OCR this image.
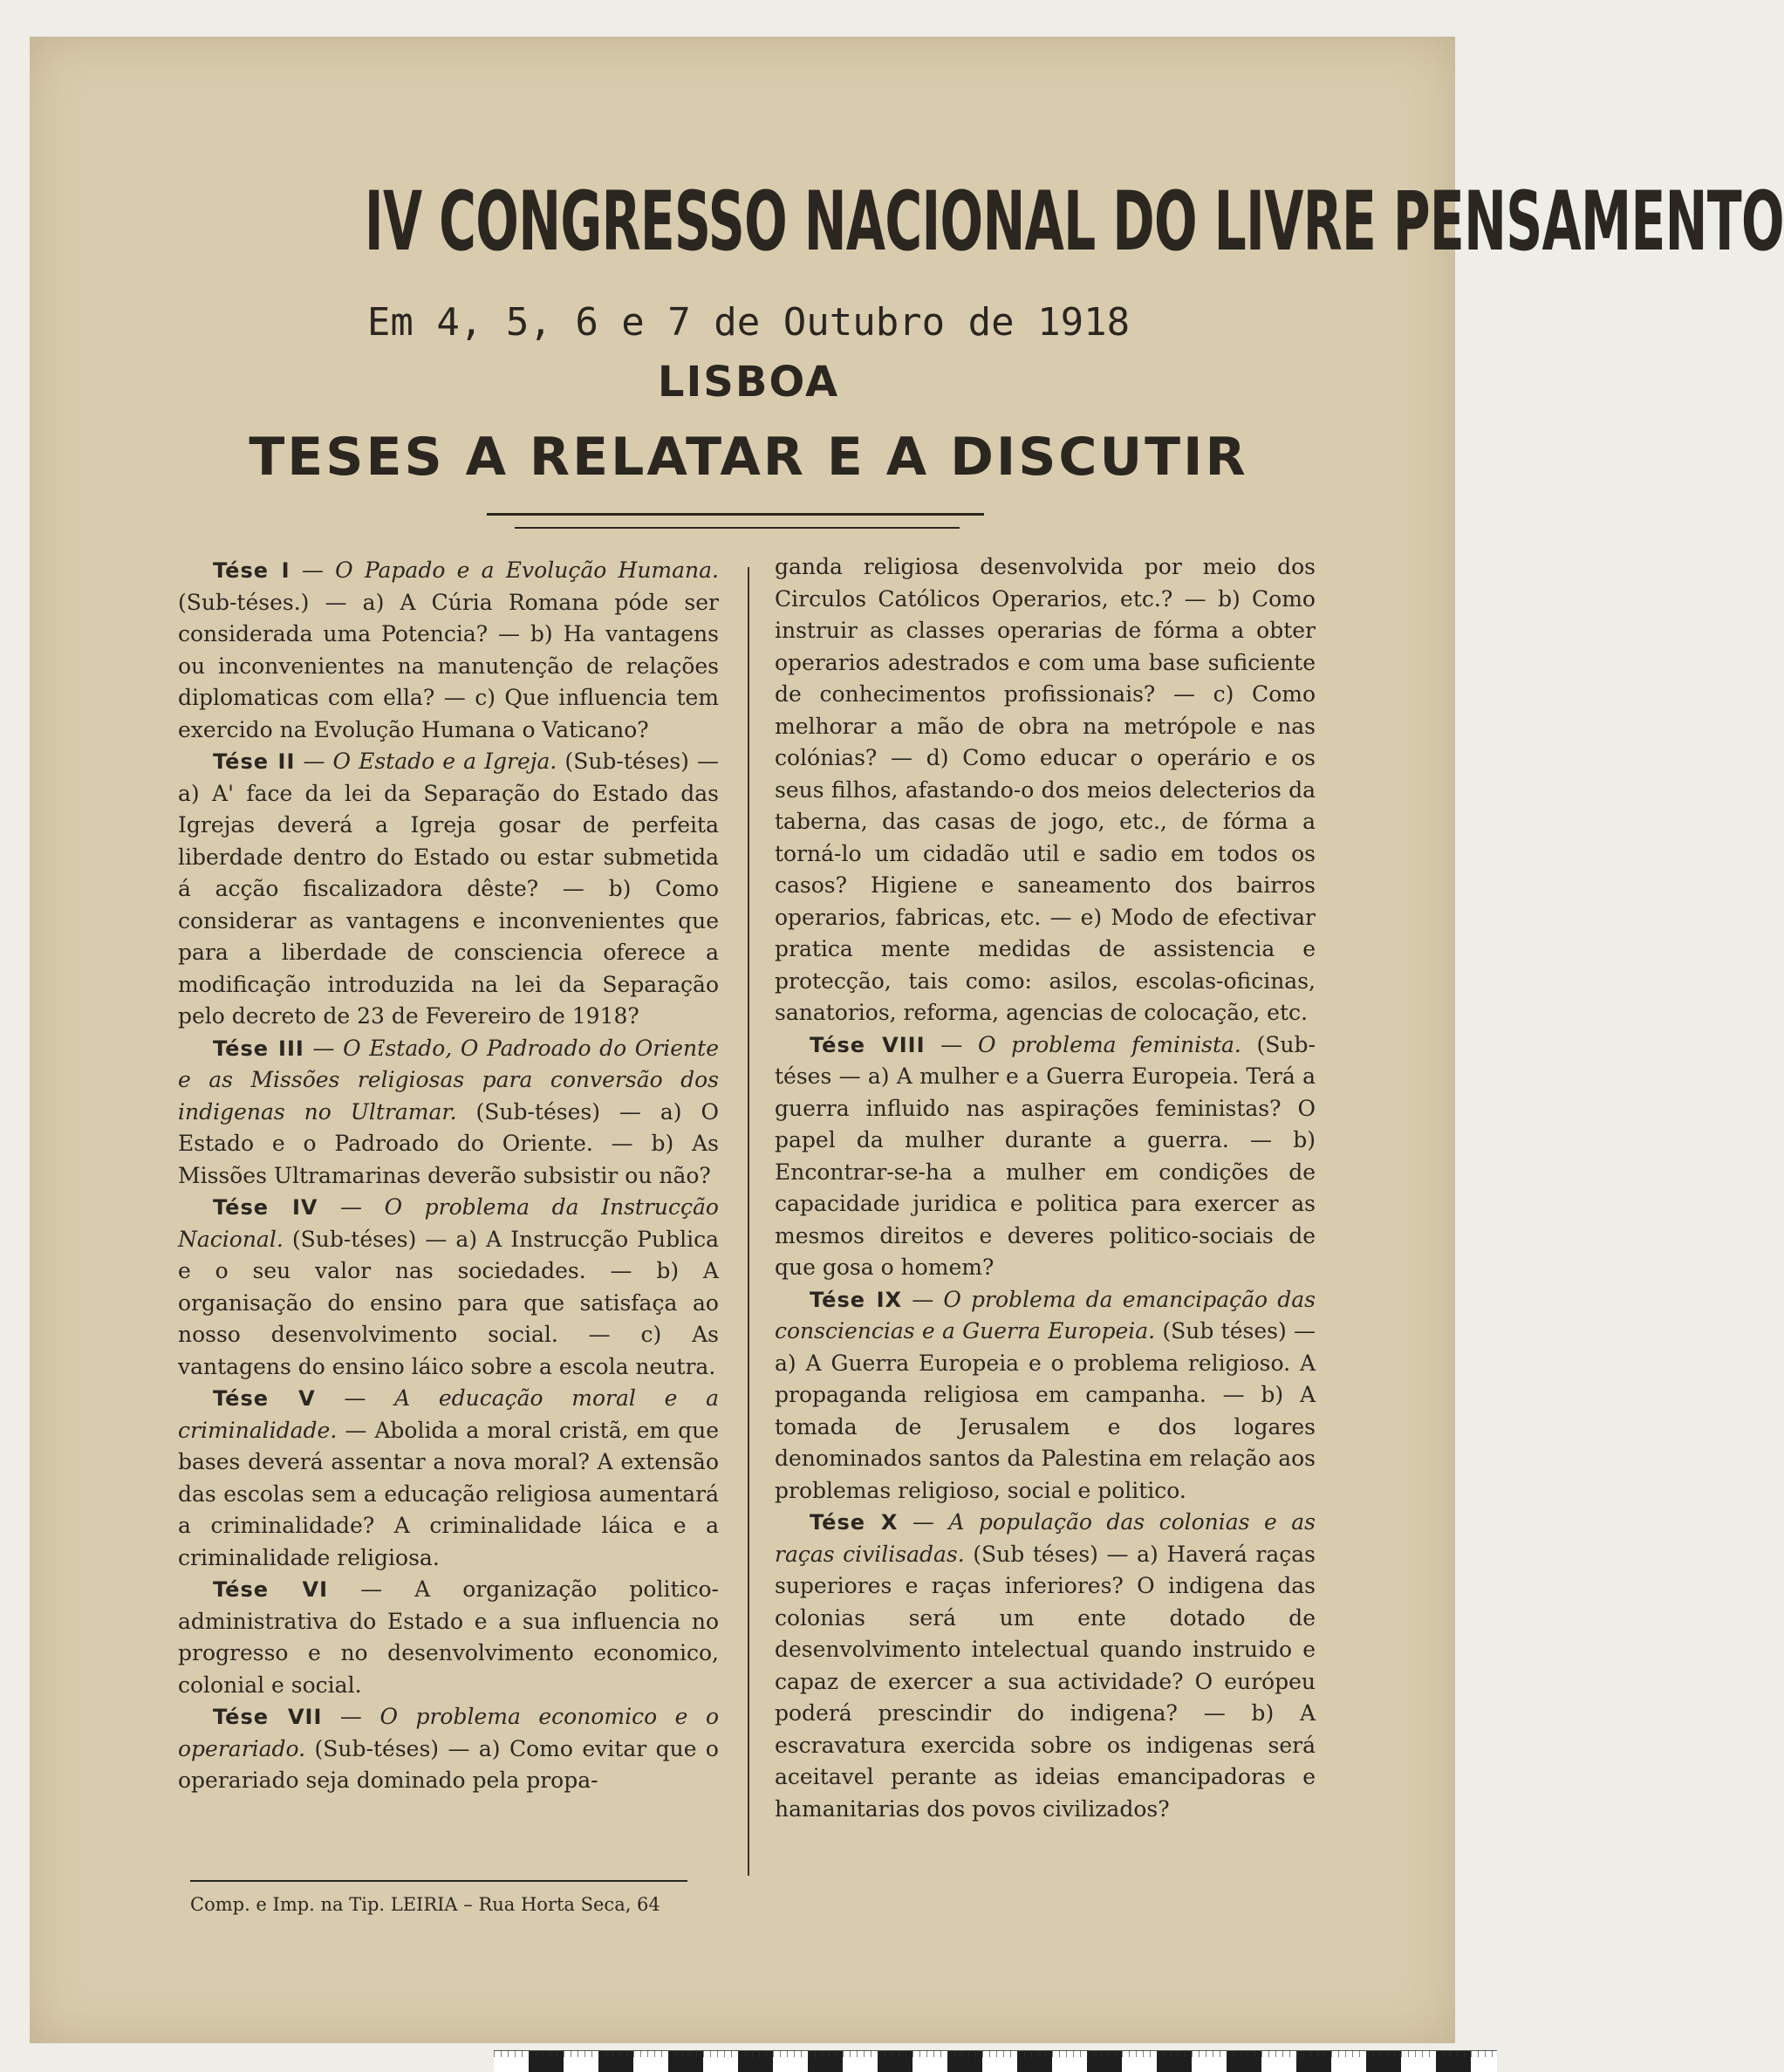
IV CONGRESSO NACIONAL DO LIVRE PENSAMENTO
Em 4, 5, 6 e 7 de Outubro de 1918
LISBOA
TESES A RELATAR E A DISCUTIR

Tése I — O Papado e a Evolução Humana. (Sub-téses.) — a) A Cúria Romana póde ser considerada uma Potencia? — b) Ha vantagens ou inconvenientes na manutenção de relações diplomaticas com ella? — c) Que influencia tem exercido na Evolução Humana o Vaticano?

Tése II — O Estado e a Igreja. (Sub-téses) — a) A' face da lei da Separação do Estado das Igrejas deverá a Igreja gosar de perfeita liberdade dentro do Estado ou estar submetida á acção fiscalizadora dêste? — b) Como considerar as vantagens e inconvenientes que para a liberdade de consciencia oferece a modificação introduzida na lei da Separação pelo decreto de 23 de Fevereiro de 1918?

Tése III — O Estado, O Padroado do Oriente e as Missões religiosas para conversão dos indigenas no Ultramar. (Sub-téses) — a) O Estado e o Padroado do Oriente. — b) As Missões Ultramarinas deverão subsistir ou não?

Tése IV — O problema da Instrucção Nacional. (Sub-téses) — a) A Instrucção Publica e o seu valor nas sociedades. — b) A organisação do ensino para que satisfaça ao nosso desenvolvimento social. — c) As vantagens do ensino láico sobre a escola neutra.

Tése V — A educação moral e a criminalidade. — Abolida a moral cristã, em que bases deverá assentar a nova moral? A extensão das escolas sem a educação religiosa aumentará a criminalidade? A criminalidade láica e a criminalidade religiosa.

Tése VI — A organização politico-administrativa do Estado e a sua influencia no progresso e no desenvolvimento economico, colonial e social.

Tése VII — O problema economico e o operariado. (Sub-téses) — a) Como evitar que o operariado seja dominado pela propa-

ganda religiosa desenvolvida por meio dos Circulos Católicos Operarios, etc.? — b) Como instruir as classes operarias de fórma a obter operarios adestrados e com uma base suficiente de conhecimentos profissionais? — c) Como melhorar a mão de obra na metrópole e nas colónias? — d) Como educar o operário e os seus filhos, afastando-o dos meios delecterios da taberna, das casas de jogo, etc., de fórma a torná-lo um cidadão util e sadio em todos os casos? Higiene e saneamento dos bairros operarios, fabricas, etc. — e) Modo de efectivar pratica mente medidas de assistencia e protecção, tais como: asilos, escolas-oficinas, sanatorios, reforma, agencias de colocação, etc.

Tése VIII — O problema feminista. (Sub-téses — a) A mulher e a Guerra Europeia. Terá a guerra influido nas aspirações feministas? O papel da mulher durante a guerra. — b) Encontrar-se-ha a mulher em condições de capacidade juridica e politica para exercer as mesmos direitos e deveres politico-sociais de que gosa o homem?

Tése IX — O problema da emancipação das consciencias e a Guerra Europeia. (Sub téses) — a) A Guerra Europeia e o problema religioso. A propaganda religiosa em campanha. — b) A tomada de Jerusalem e dos logares denominados santos da Palestina em relação aos problemas religioso, social e politico.

Tése X — A população das colonias e as raças civilisadas. (Sub téses) — a) Haverá raças superiores e raças inferiores? O indigena das colonias será um ente dotado de desenvolvimento intelectual quando instruido e capaz de exercer a sua actividade? O európeu poderá prescindir do indigena? — b) A escravatura exercida sobre os indigenas será aceitavel perante as ideias emancipadoras e hamanitarias dos povos civilizados?

Comp. e Imp. na Tip. LEIRIA – Rua Horta Seca, 64
